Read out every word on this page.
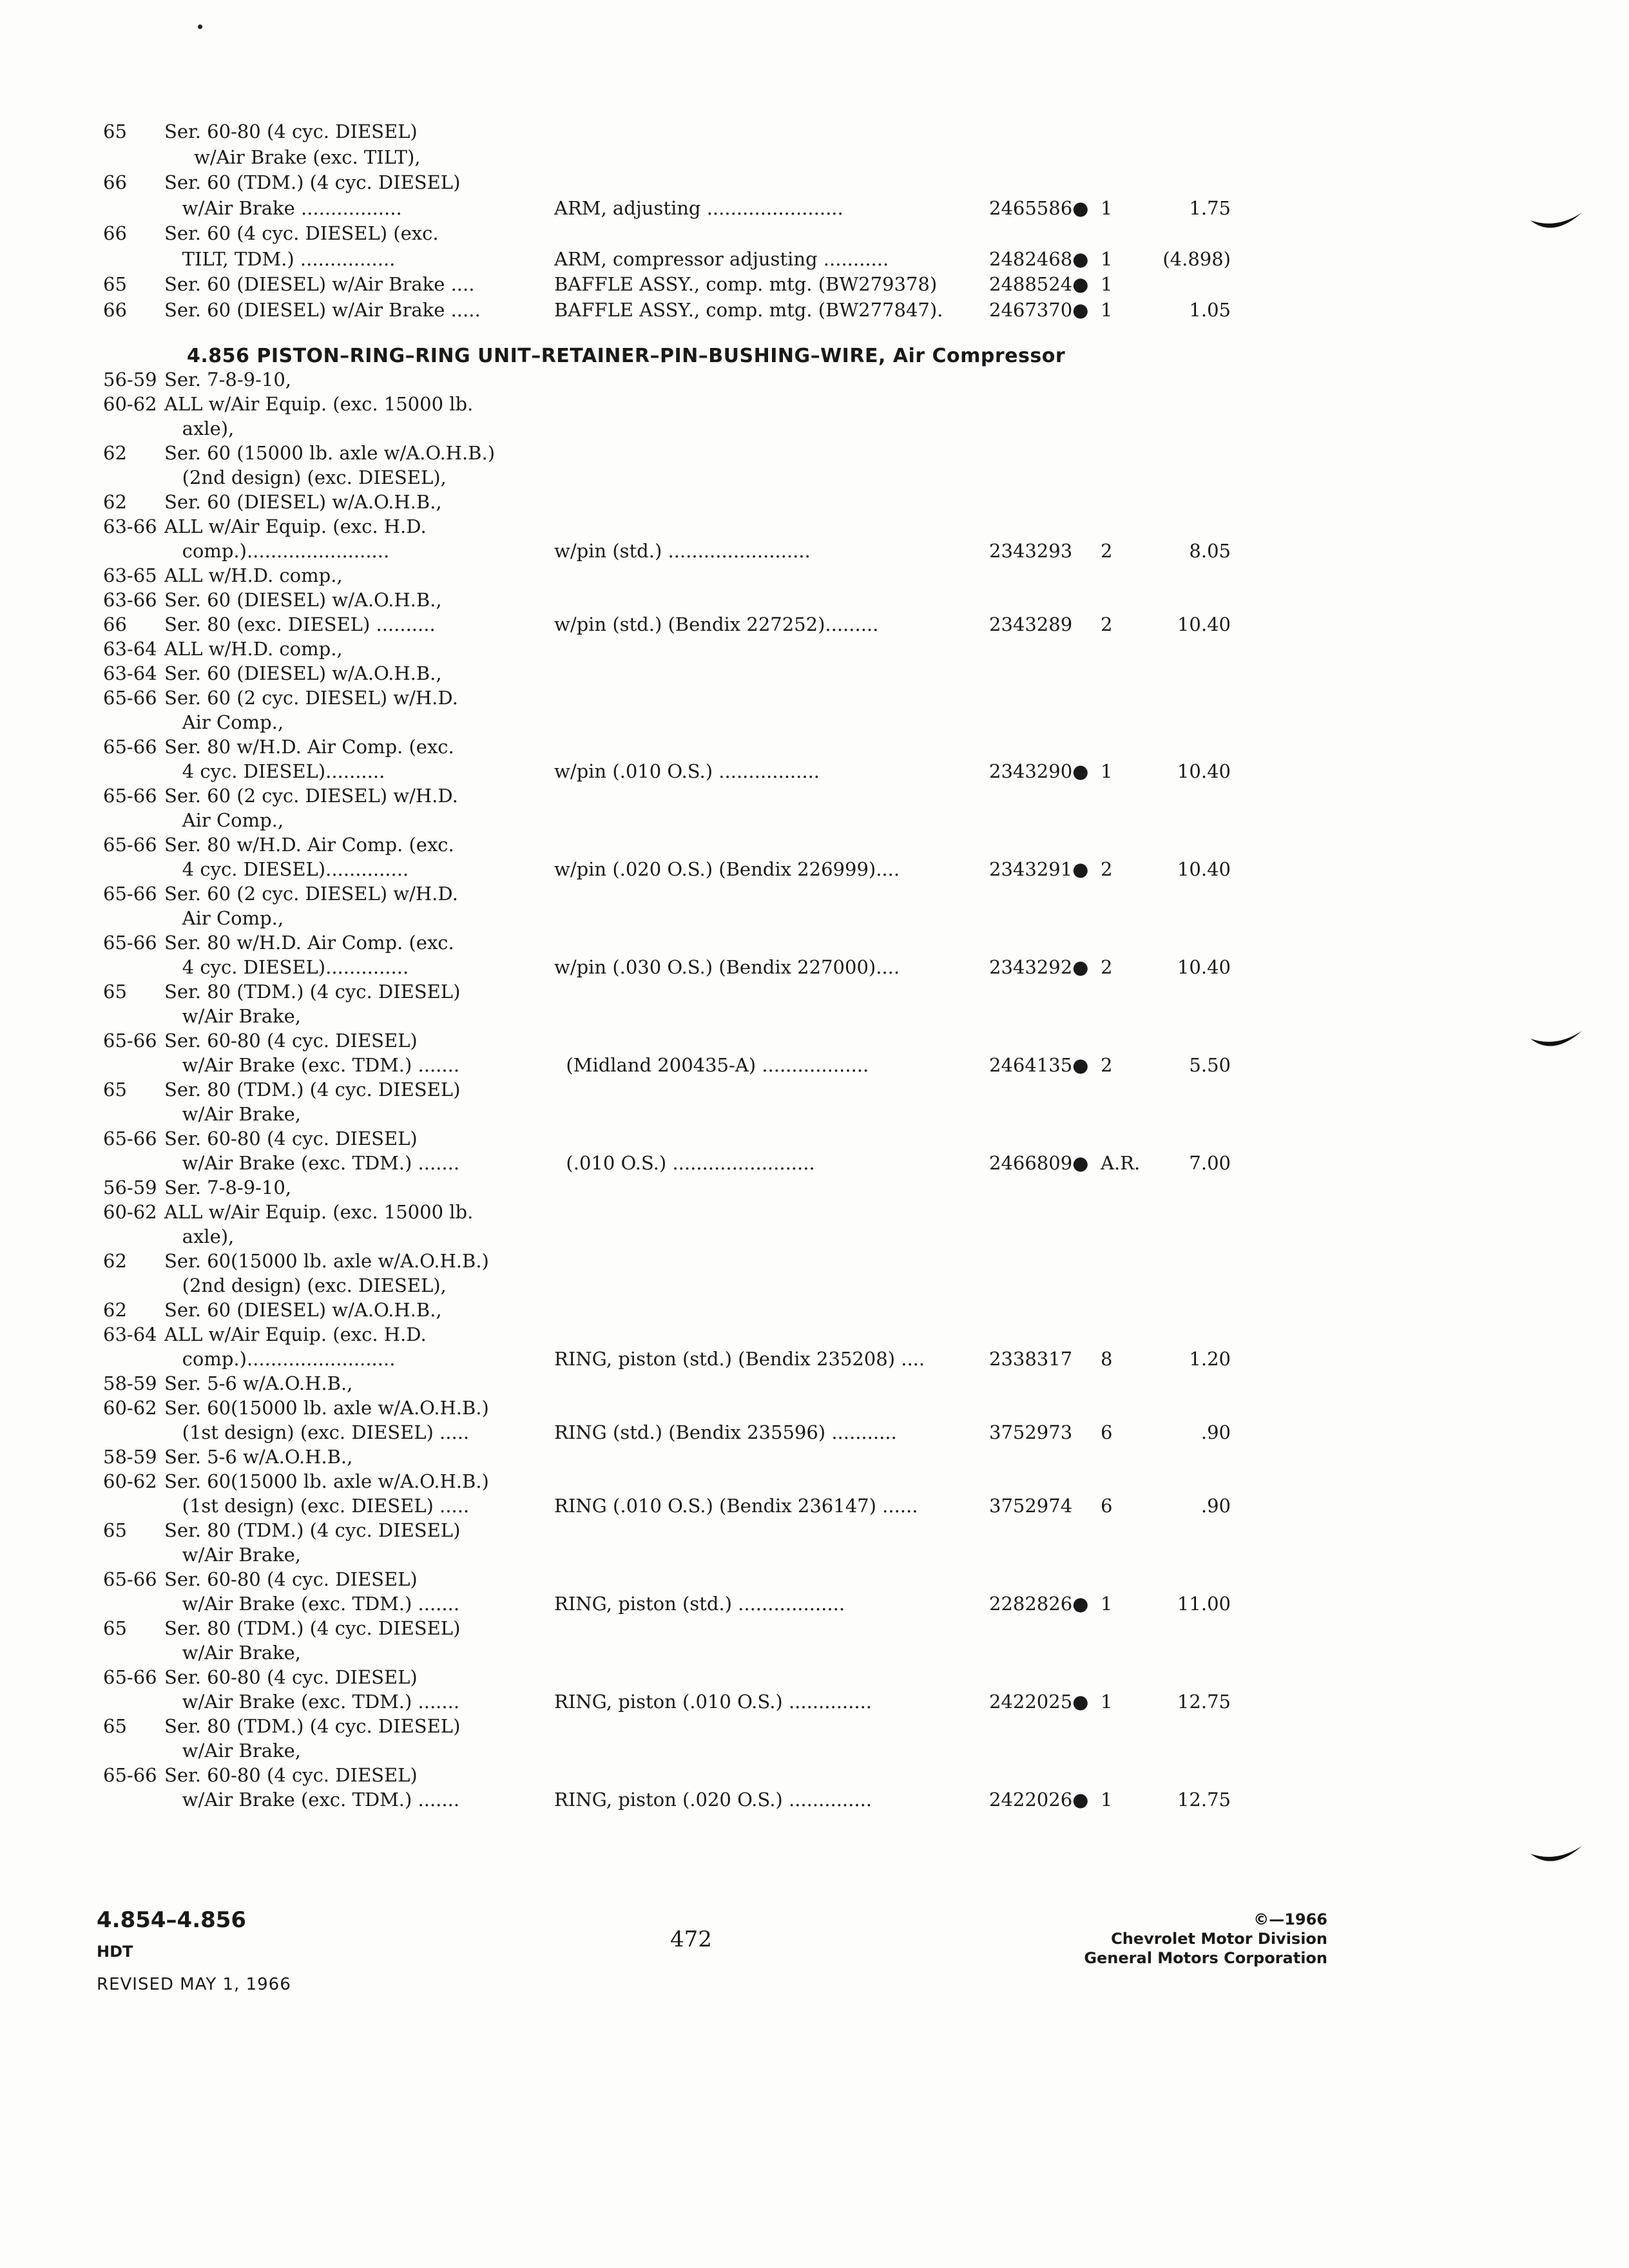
65 Ser. 60-80 (4 cyc. DIESEL)
w/Air Brake (exc. TILT),
66 Ser. 60 (TDM.) (4 cyc. DIESEL)
w/Air Brake .................	ARM, adjusting .......................	2465586● 1	1.75
66 Ser. 60 (4 cyc. DIESEL) (exc.
TILT, TDM.) ................	ARM, compressor adjusting ...........	2482468● 1	(4.898)
65 Ser. 60 (DIESEL) w/Air Brake ....	BAFFLE ASSY., comp. mtg. (BW279378)	2488524● 1
66 Ser. 60 (DIESEL) w/Air Brake .....	BAFFLE ASSY., comp. mtg. (BW277847). 2467370● 1	1.05
4.856 PISTON–RING–RING UNIT–RETAINER–PIN–BUSHING–WIRE, Air Compressor
56-59 Ser. 7-8-9-10,
60-62 ALL w/Air Equip. (exc. 15000 lb.
axle),
62 Ser. 60 (15000 lb. axle w/A.O.H.B.)
(2nd design) (exc. DIESEL),
62 Ser. 60 (DIESEL) w/A.O.H.B.,
63-66 ALL w/Air Equip. (exc. H.D.
comp.)........................	w/pin (std.) ........................	2343293 2	8.05
63-65 ALL w/H.D. comp.,
63-66 Ser. 60 (DIESEL) w/A.O.H.B.,
66 Ser. 80 (exc. DIESEL) ..........	w/pin (std.) (Bendix 227252).........	2343289 2	10.40
63-64 ALL w/H.D. comp.,
63-64 Ser. 60 (DIESEL) w/A.O.H.B.,
65-66 Ser. 60 (2 cyc. DIESEL) w/H.D.
Air Comp.,
65-66 Ser. 80 w/H.D. Air Comp. (exc.
4 cyc. DIESEL)..........	w/pin (.010 O.S.) .................	2343290● 1	10.40
65-66 Ser. 60 (2 cyc. DIESEL) w/H.D.
Air Comp.,
65-66 Ser. 80 w/H.D. Air Comp. (exc.
4 cyc. DIESEL)..............	w/pin (.020 O.S.) (Bendix 226999)....	2343291● 2	10.40
65-66 Ser. 60 (2 cyc. DIESEL) w/H.D.
Air Comp.,
65-66 Ser. 80 w/H.D. Air Comp. (exc.
4 cyc. DIESEL)..............	w/pin (.030 O.S.) (Bendix 227000)....	2343292● 2	10.40
65 Ser. 80 (TDM.) (4 cyc. DIESEL)
w/Air Brake,
65-66 Ser. 60-80 (4 cyc. DIESEL)
w/Air Brake (exc. TDM.) .......	(Midland 200435-A) ..................	2464135● 2	5.50
65 Ser. 80 (TDM.) (4 cyc. DIESEL)
w/Air Brake,
65-66 Ser. 60-80 (4 cyc. DIESEL)
w/Air Brake (exc. TDM.) .......	(.010 O.S.) ........................	2466809● A.R.	7.00
56-59 Ser. 7-8-9-10,
60-62 ALL w/Air Equip. (exc. 15000 lb.
axle),
62 Ser. 60(15000 lb. axle w/A.O.H.B.)
(2nd design) (exc. DIESEL),
62 Ser. 60 (DIESEL) w/A.O.H.B.,
63-64 ALL w/Air Equip. (exc. H.D.
comp.).........................	RING, piston (std.) (Bendix 235208) ....	2338317 8	1.20
58-59 Ser. 5-6 w/A.O.H.B.,
60-62 Ser. 60(15000 lb. axle w/A.O.H.B.)
(1st design) (exc. DIESEL) .....	RING (std.) (Bendix 235596) ...........	3752973 6	.90
58-59 Ser. 5-6 w/A.O.H.B.,
60-62 Ser. 60(15000 lb. axle w/A.O.H.B.)
(1st design) (exc. DIESEL) .....	RING (.010 O.S.) (Bendix 236147) ......	3752974 6	.90
65 Ser. 80 (TDM.) (4 cyc. DIESEL)
w/Air Brake,
65-66 Ser. 60-80 (4 cyc. DIESEL)
w/Air Brake (exc. TDM.) .......	RING, piston (std.) ..................	2282826● 1	11.00
65 Ser. 80 (TDM.) (4 cyc. DIESEL)
w/Air Brake,
65-66 Ser. 60-80 (4 cyc. DIESEL)
w/Air Brake (exc. TDM.) .......	RING, piston (.010 O.S.) ..............	2422025● 1	12.75
65 Ser. 80 (TDM.) (4 cyc. DIESEL)
w/Air Brake,
65-66 Ser. 60-80 (4 cyc. DIESEL)
w/Air Brake (exc. TDM.) .......	RING, piston (.020 O.S.) ..............	2422026● 1	12.75
4.854–4.856
HDT
REVISED MAY 1, 1966
472
©—1966
Chevrolet Motor Division
General Motors Corporation
